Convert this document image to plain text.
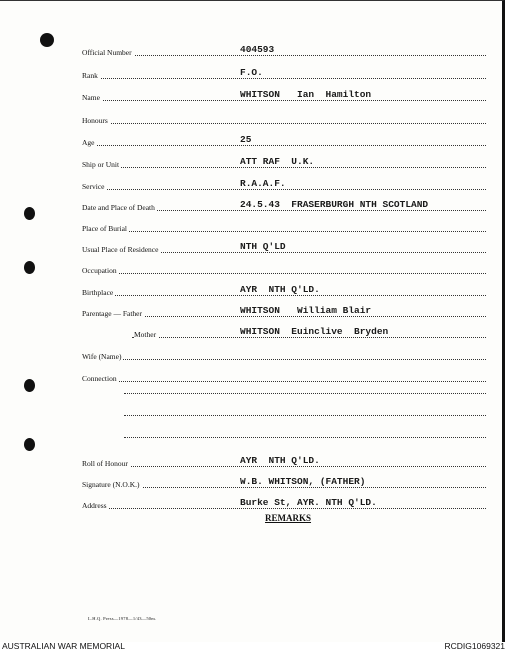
Official Number	404593
Rank	F.O.
Name	WHITSON   Ian  Hamilton
Honours
Age	25
Ship or Unit	ATT RAF  U.K.
Service	R.A.A.F.
Date and Place of Death	24.5.43  FRASERBURGH NTH SCOTLAND
Place of Burial
Usual Place of Residence	NTH Q'LD
Occupation
Birthplace	AYR  NTH Q'LD.
Parentage — Father	WHITSON   William Blair
Mother	WHITSON  Euinclive  Bryden
Wife (Name)
Connection
Roll of Honour	AYR  NTH Q'LD.
Signature (N.O.K.)	W.B. WHITSON, (FATHER)
Address	Burke St, AYR. NTH Q'LD.
REMARKS
L.H.Q. Press—1978—1/43—50m.
AUSTRALIAN WAR MEMORIAL	RCDIG1069321
